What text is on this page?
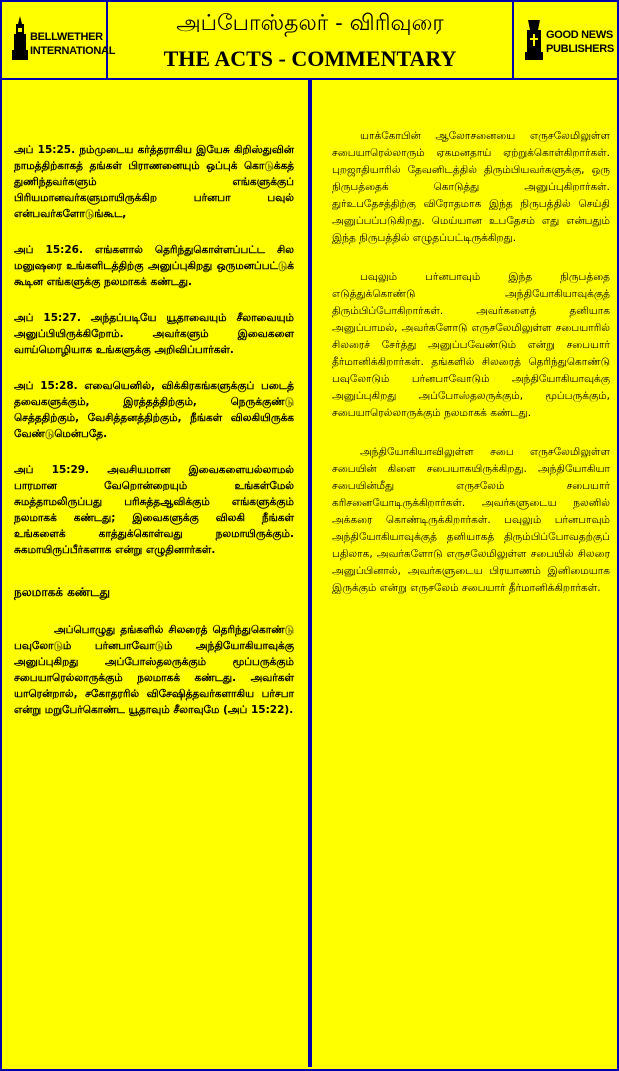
BELLWETHER
INTERNATIONAL
அப்போஸ்தலர் - விரிவுரை
THE ACTS - COMMENTARY
GOOD NEWS
PUBLISHERS

அப் 15:25. நம்முடைய கர்த்தராகிய இயேசு கிறிஸ்துவின் நாமத்திற்காகத் தங்கள் பிராணனையும் ஒப்புக் கொடுக்கத் துணிந்தவர்களும் எங்களுக்குப் பிரியமானவர்களுமாயிருக்கிற பர்னபா பவுல் என்பவர்களோடுங்கூட,

அப் 15:26. எங்களால் தெரிந்துகொள்ளப்பட்ட சில மனுஷரை உங்களிடத்திற்கு அனுப்புகிறது ஒருமனப்பட்டுக் கூடின எங்களுக்கு நலமாகக் கண்டது.

அப் 15:27. அந்தப்படியே யூதாவையும் சீலாவையும் அனுப்பியிருக்கிறோம். அவர்களும் இவைகளை வாய்மொழியாக உங்களுக்கு அறிவிப்பார்கள்.

அப் 15:28. எவையெனில், விக்கிரகங்களுக்குப் படைத் தவைகளுக்கும், இரத்தத்திற்கும், நெருக்குண்டு செத்ததிற்கும், வேசித்தனத்திற்கும், நீங்கள் விலகியிருக்க வேண்டுமென்பதே.

அப் 15:29. அவசியமான இவைகளையல்லாமல் பாரமான வேறொன்றையும் உங்கள்மேல் சுமத்தாமலிருப்பது பரிசுத்தஆவிக்கும் எங்களுக்கும் நலமாகக் கண்டது; இவைகளுக்கு விலகி நீங்கள் உங்களைக் காத்துக்கொள்வது நலமாயிருக்கும். சுகமாயிருப்பீர்களாக என்று எழுதினார்கள்.

நலமாகக் கண்டது

அப்பொழுது தங்களில் சிலரைத் தெரிந்துகொண்டு பவுலோடும் பர்னபாவோடும் அந்தியோகியாவுக்கு அனுப்புகிறது அப்போஸ்தலருக்கும் மூப்பருக்கும் சபையாரெல்லாருக்கும் நலமாகக் கண்டது. அவர்கள் யாரென்றால், சகோதரரில் விசேஷித்தவர்களாகிய பர்சபா என்று மறுபேர்கொண்ட யூதாவும் சீலாவுமே (அப் 15:22).

யாக்கோபின் ஆலோசனையை எருசலேமிலுள்ள சபையாரெல்லாரும் ஏகமனதாய் ஏற்றுக்கொள்கிறார்கள். புறஜாதியாரில் தேவனிடத்தில் திரும்பியவர்களுக்கு, ஒரு நிருபத்தைக் கொடுத்து அனுப்புகிறார்கள். துர்உபதேசத்திற்கு விரோதமாக இந்த நிருபத்தில் செய்தி அனுப்பப்படுகிறது. மெய்யான உபதேசம் எது என்பதும் இந்த நிருபத்தில் எழுதப்பட்டிருக்கிறது.

பவுலும் பர்னபாவும் இந்த நிருபத்தை எடுத்துக்கொண்டு அந்தியோகியாவுக்குத் திரும்பிப்போகிறார்கள். அவர்களைத் தனியாக அனுப்பாமல், அவர்களோடு எருசலேமிலுள்ள சபையாரில் சிலரைச் சேர்த்து அனுப்பவேண்டும் என்று சபையார் தீர்மானிக்கிறார்கள். தங்களில் சிலரைத் தெரிந்துகொண்டு பவுலோடும் பர்னபாவோடும் அந்தியோகியாவுக்கு அனுப்புகிறது அப்போஸ்தலருக்கும், மூப்பருக்கும், சபையாரெல்லாருக்கும் நலமாகக் கண்டது.

அந்தியோகியாவிலுள்ள சபை எருசலேமிலுள்ள சபையின் கிளை சபையாகயிருக்கிறது. அந்தியோகியா சபையின்மீது எருசலேம் சபையார் கரிசனையோடிருக்கிறார்கள். அவர்களுடைய நலனில் அக்கரை கொண்டிருக்கிறார்கள். பவுலும் பர்னபாவும் அந்தியோகியாவுக்குத் தனியாகத் திரும்பிப்போவதற்குப் பதிலாக, அவர்களோடு எருசலேமிலுள்ள சபையில் சிலரை அனுப்பினால், அவர்களுடைய பிரயாணம் இனிமையாக இருக்கும் என்று எருசலேம் சபையார் தீர்மானிக்கிறார்கள்.
